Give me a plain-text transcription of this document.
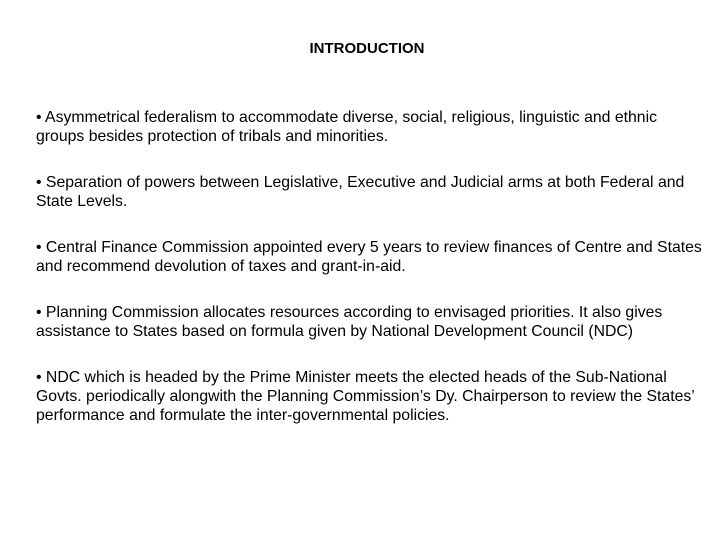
INTRODUCTION
• Asymmetrical federalism to accommodate diverse, social, religious, linguistic and ethnic groups besides protection of tribals and minorities.
• Separation of powers between Legislative, Executive and Judicial arms at both Federal and State Levels.
• Central Finance Commission appointed every 5 years to review finances of Centre and States and recommend devolution of taxes and grant-in-aid.
• Planning Commission allocates resources according to envisaged priorities. It also gives assistance to States based on formula given by National Development Council (NDC)
• NDC which is headed by the Prime Minister meets the elected heads of the Sub-National Govts. periodically alongwith the Planning Commission’s Dy. Chairperson to review the States’ performance and formulate the inter-governmental policies.
